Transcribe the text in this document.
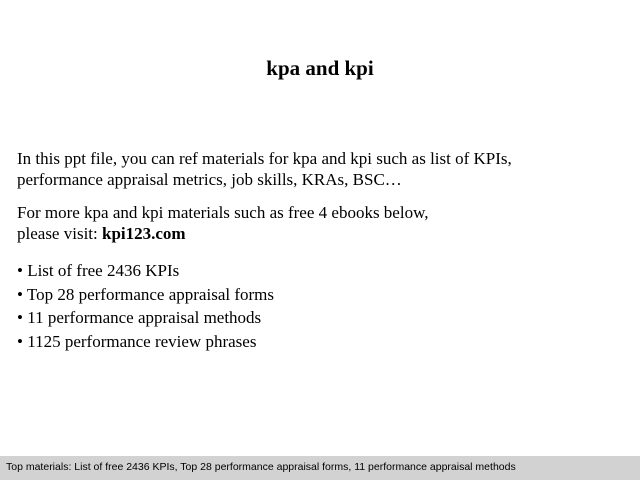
kpa and kpi

In this ppt file, you can ref materials for kpa and kpi such as list of KPIs,
performance appraisal metrics, job skills, KRAs, BSC…

For more kpa and kpi materials such as free 4 ebooks below,
please visit: kpi123.com

• List of free 2436 KPIs
• Top 28 performance appraisal forms
• 11 performance appraisal methods
• 1125 performance review phrases
Top materials: List of free 2436 KPIs, Top 28 performance appraisal forms, 11 performance appraisal methods
